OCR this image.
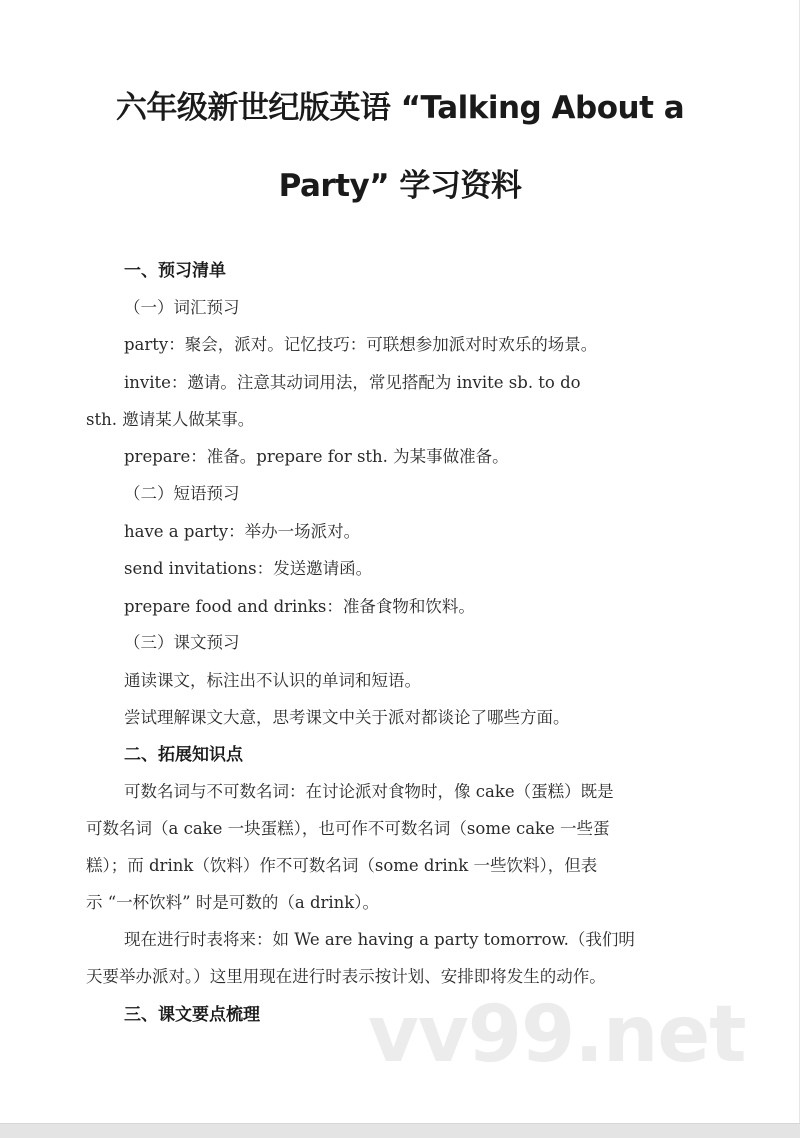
六年级新世纪版英语 “Talking About a
Party” 学习资料
一、预习清单
（一）词汇预习
party：聚会，派对。记忆技巧：可联想参加派对时欢乐的场景。
invite：邀请。注意其动词用法，常见搭配为 invite sb. to do
sth. 邀请某人做某事。
prepare：准备。prepare for sth. 为某事做准备。
（二）短语预习
have a party：举办一场派对。
send invitations：发送邀请函。
prepare food and drinks：准备食物和饮料。
（三）课文预习
通读课文，标注出不认识的单词和短语。
尝试理解课文大意，思考课文中关于派对都谈论了哪些方面。
二、拓展知识点
可数名词与不可数名词：在讨论派对食物时，像 cake（蛋糕）既是
可数名词（a cake 一块蛋糕），也可作不可数名词（some cake 一些蛋
糕）；而 drink（饮料）作不可数名词（some drink 一些饮料），但表
示 “一杯饮料” 时是可数的（a drink）。
现在进行时表将来：如 We are having a party tomorrow.（我们明
天要举办派对。）这里用现在进行时表示按计划、安排即将发生的动作。
三、课文要点梳理 vv99.net
